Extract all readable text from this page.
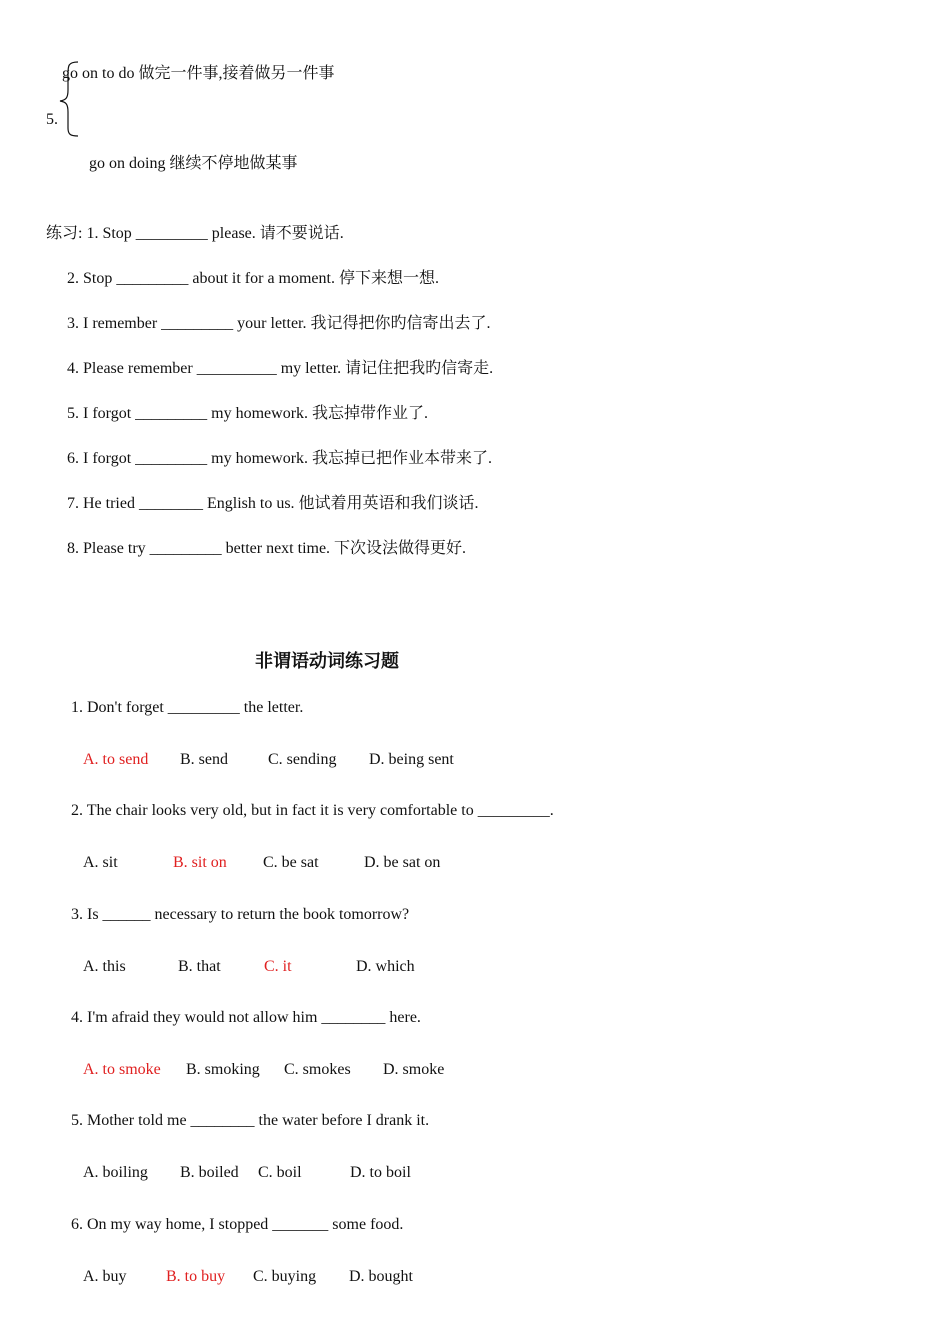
go on to do 做完一件事,接着做另一件事
5.
go on doing 继续不停地做某事
练习: 1. Stop _________ please. 请不要说话.
2. Stop _________ about it for a moment. 停下来想一想.
3. I remember _________ your letter. 我记得把你旳信寄出去了.
4. Please remember __________ my letter. 请记住把我旳信寄走.
5. I forgot _________ my homework. 我忘掉带作业了.
6. I forgot _________ my homework. 我忘掉已把作业本带来了.
7. He tried ________ English to us. 他试着用英语和我们谈话.
8. Please try _________ better next time. 下次设法做得更好.
非谓语动词练习题
1. Don't forget _________ the letter.
A. to send B. send	C. sending D. being sent
2. The chair looks very old, but in fact it is very comfortable to _________.
A. sit	B. sit on C. be sat	D. be sat on
3. Is ______ necessary to return the book tomorrow?
A. this	B. that	C. it	D. which
4. I'm afraid they would not allow him ________ here.
A. to smoke B. smoking C. smokes D. smoke
5. Mother told me ________ the water before I drank it.
A. boiling B. boiled C. boil	D. to boil
6. On my way home, I stopped _______ some food.
A. buy B. to buy C. buying D. bought
